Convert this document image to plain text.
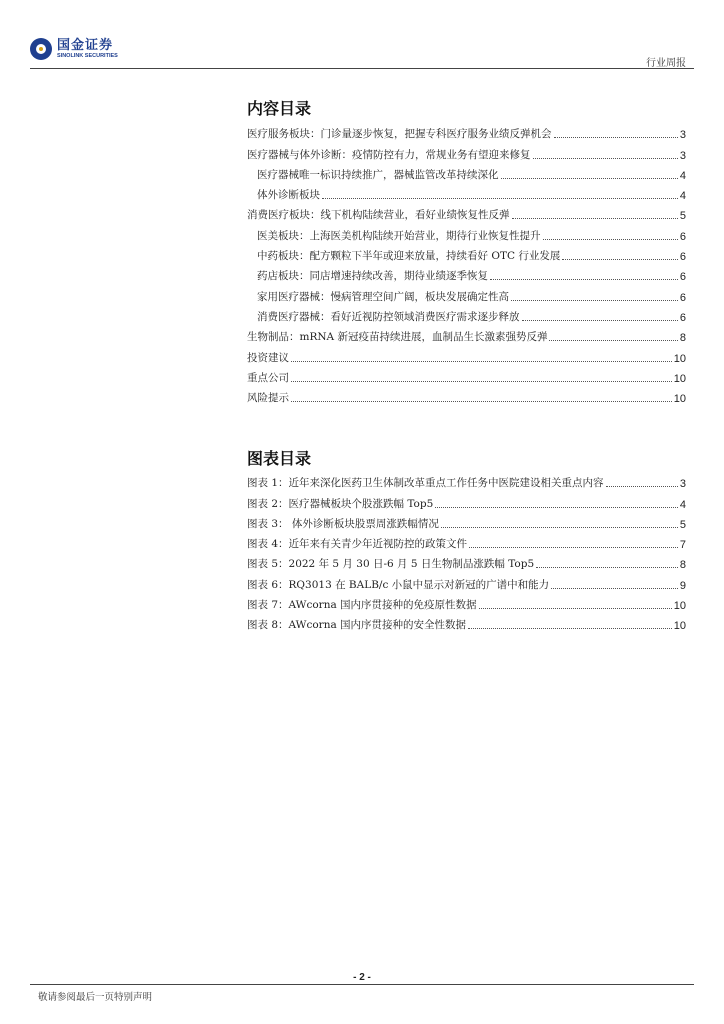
国金证券
SINOLINK SECURITIES
行业周报
内容目录
医疗服务板块：门诊量逐步恢复，把握专科医疗服务业绩反弹机会	3
医疗器械与体外诊断：疫情防控有力，常规业务有望迎来修复	3
医疗器械唯一标识持续推广，器械监管改革持续深化	4
体外诊断板块	4
消费医疗板块：线下机构陆续营业，看好业绩恢复性反弹	5
医美板块：上海医美机构陆续开始营业，期待行业恢复性提升	6
中药板块：配方颗粒下半年或迎来放量，持续看好 OTC 行业发展	6
药店板块：同店增速持续改善，期待业绩逐季恢复	6
家用医疗器械：慢病管理空间广阔，板块发展确定性高	6
消费医疗器械：看好近视防控领域消费医疗需求逐步释放	6
生物制品：mRNA 新冠疫苗持续进展，血制品生长激素强势反弹	8
投资建议	10
重点公司	10
风险提示	10
图表目录
图表 1：近年来深化医药卫生体制改革重点工作任务中医院建设相关重点内容	3
图表 2：医疗器械板块个股涨跌幅 Top5	4
图表 3： 体外诊断板块股票周涨跌幅情况	5
图表 4：近年来有关青少年近视防控的政策文件	7
图表 5：2022 年 5 月 30 日-6 月 5 日生物制品涨跌幅 Top5	8
图表 6：RQ3013 在 BALB/c 小鼠中显示对新冠的广谱中和能力	9
图表 7：AWcorna 国内序贯接种的免疫原性数据	10
图表 8：AWcorna 国内序贯接种的安全性数据	10
- 2 -
敬请参阅最后一页特别声明
